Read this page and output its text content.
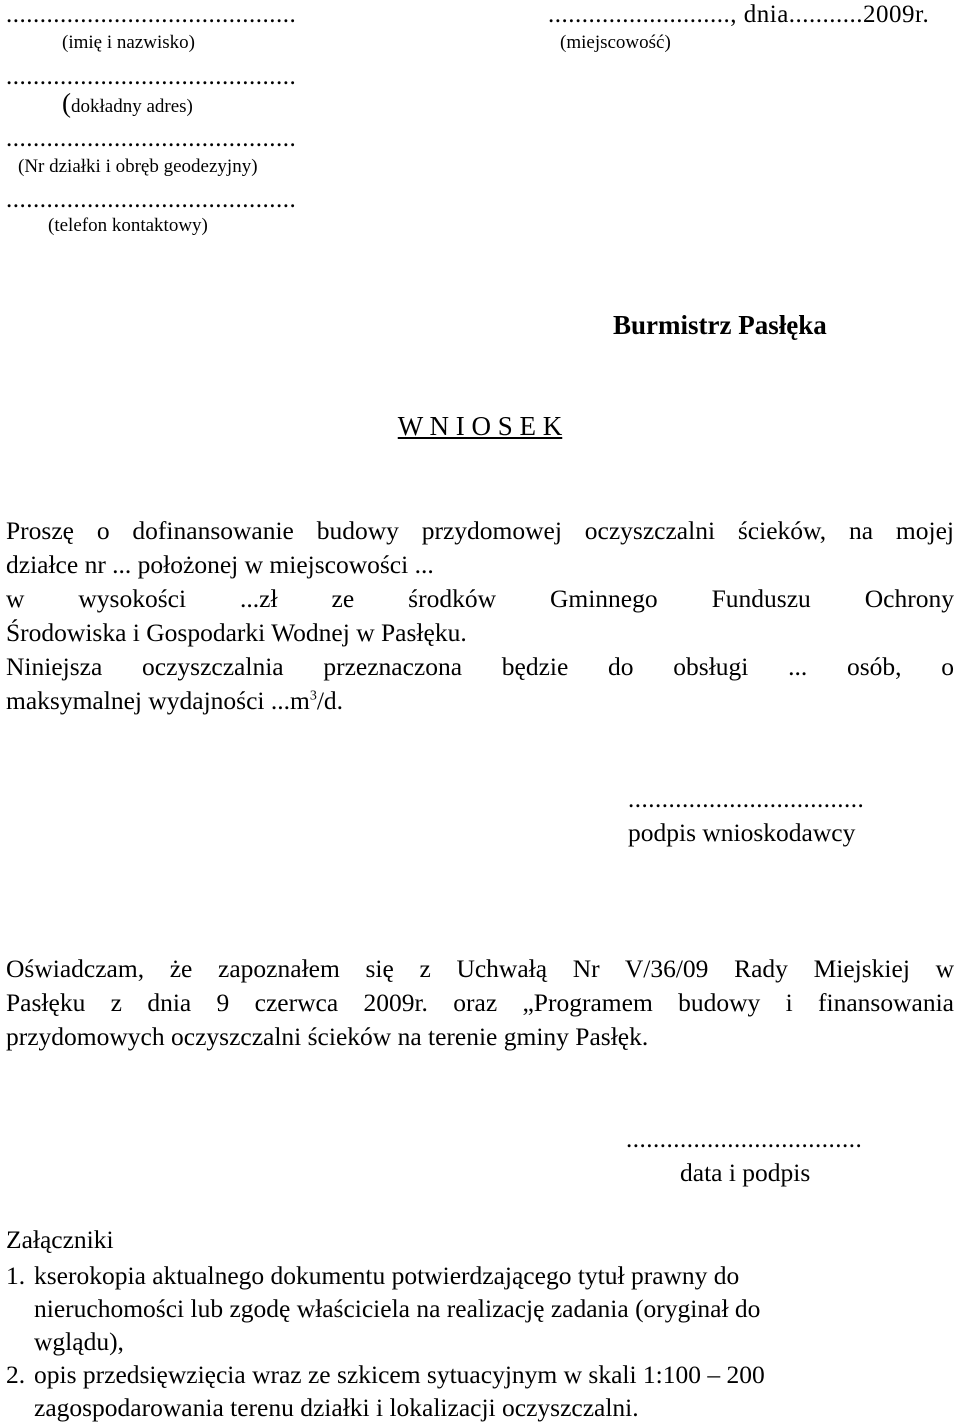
...........................................
(imię i nazwisko)
...........................................
(dokładny adres)
...........................................
(Nr działki i obręb geodezyjny)
...........................................
(telefon kontaktowy)
..........................., dnia...........2009r.
(miejscowość)
Burmistrz Pasłęka
W N I O S E K
Proszę o dofinansowanie budowy przydomowej oczyszczalni ścieków, na mojej
działce nr ... położonej w miejscowości ...
w wysokości ...zł ze środków Gminnego Funduszu Ochrony
Środowiska i Gospodarki Wodnej w Pasłęku.
Niniejsza oczyszczalnia przeznaczona będzie do obsługi ... osób, o
maksymalnej wydajności $...m^3/d$.
...................................
podpis wnioskodawcy
Oświadczam, że zapoznałem się z Uchwałą Nr V/36/09 Rady Miejskiej w
Pasłęku z dnia 9 czerwca 2009r. oraz „Programem budowy i finansowania
przydomowych oczyszczalni ścieków na terenie gminy Pasłęk.
...................................
data i podpis
Załączniki
1. kserokopia aktualnego dokumentu potwierdzającego tytuł prawny do
nieruchomości lub zgodę właściciela na realizację zadania (oryginał do
wglądu),
2. opis przedsięwzięcia wraz ze szkicem sytuacyjnym w skali 1:100 – 200
zagospodarowania terenu działki i lokalizacji oczyszczalni.
